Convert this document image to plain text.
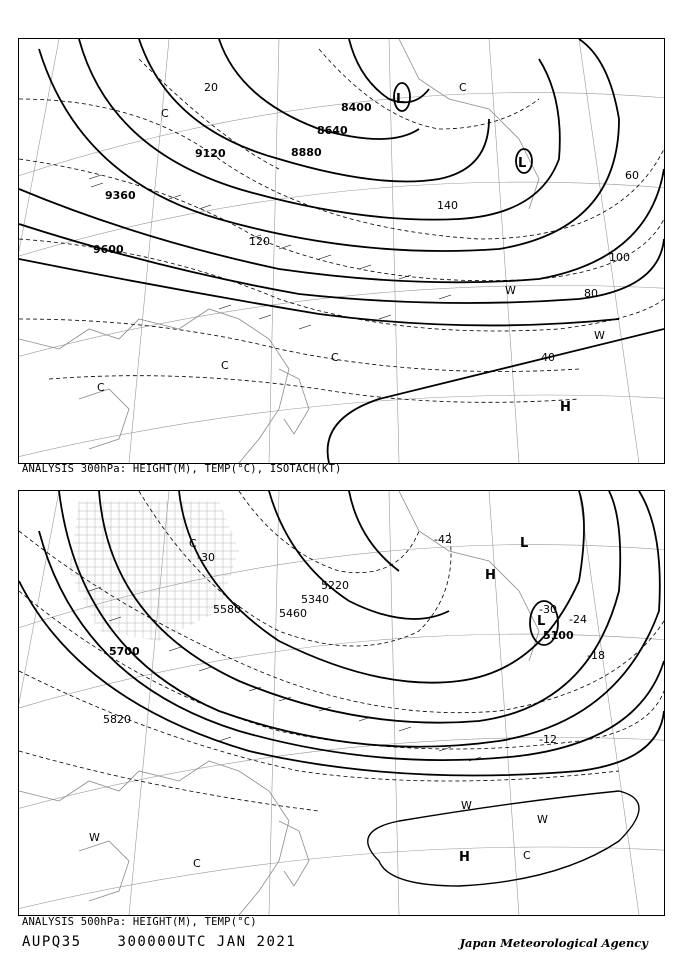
8400
8640
8880
9120
9360
9600
20
40
60
80
100
120
140
L
L
H
C
C
C
C
C
W
W
ANALYSIS 300hPa: HEIGHT(M), TEMP(°C), ISOTACH(KT)
5100
5220
5340
5460
5580
5700
5820
-42
-30
-24
-18
-12
-30
L
L
H
H
C
C
W
W
W
C
ANALYSIS 500hPa: HEIGHT(M), TEMP(°C)
AUPQ35	300000UTC JAN 2021	Japan Meteorological Agency
